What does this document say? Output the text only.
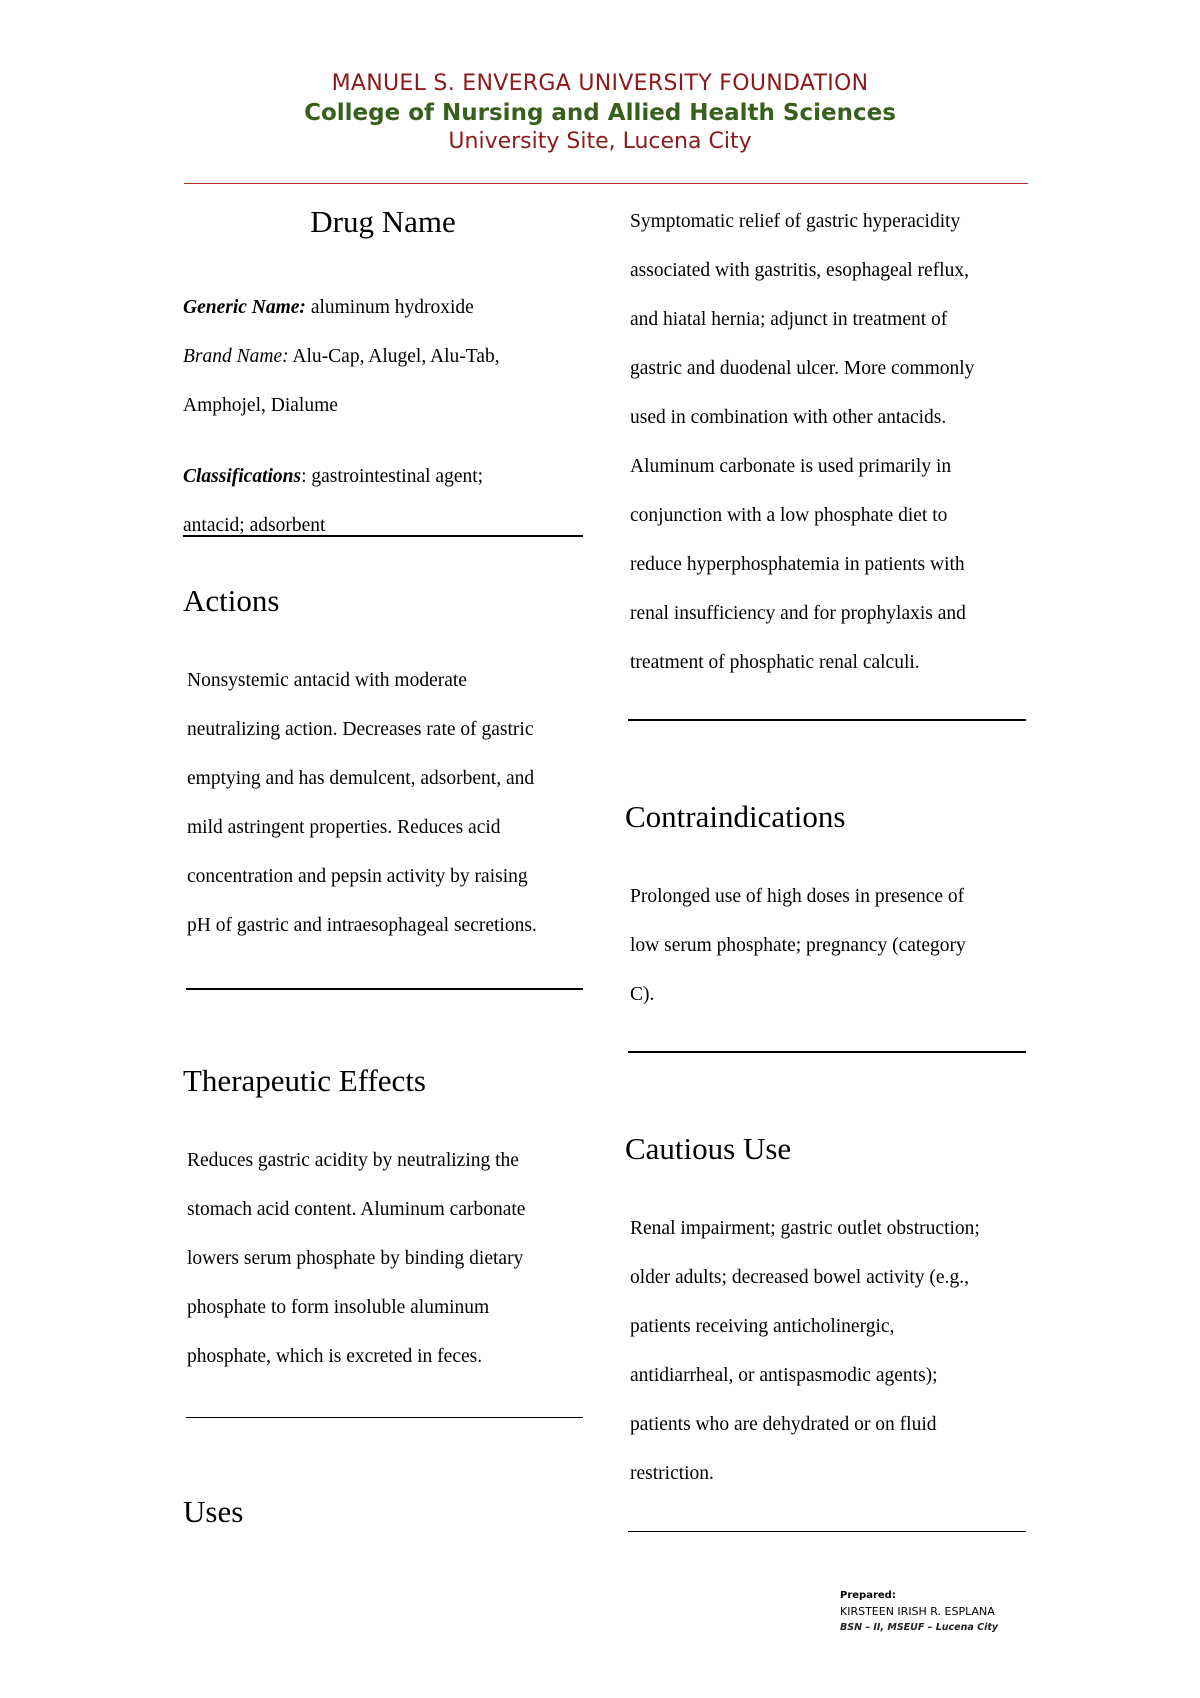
MANUEL S. ENVERGA UNIVERSITY FOUNDATION
College of Nursing and Allied Health Sciences
University Site, Lucena City
Drug Name
Generic Name: aluminum hydroxide
Brand Name: Alu-Cap, Alugel, Alu-Tab,
Amphojel, Dialume
Classifications: gastrointestinal agent;
antacid; adsorbent
Actions
Nonsystemic antacid with moderate
neutralizing action. Decreases rate of gastric
emptying and has demulcent, adsorbent, and
mild astringent properties. Reduces acid
concentration and pepsin activity by raising
pH of gastric and intraesophageal secretions.
Therapeutic Effects
Reduces gastric acidity by neutralizing the
stomach acid content. Aluminum carbonate
lowers serum phosphate by binding dietary
phosphate to form insoluble aluminum
phosphate, which is excreted in feces.
Uses
Symptomatic relief of gastric hyperacidity
associated with gastritis, esophageal reflux,
and hiatal hernia; adjunct in treatment of
gastric and duodenal ulcer. More commonly
used in combination with other antacids.
Aluminum carbonate is used primarily in
conjunction with a low phosphate diet to
reduce hyperphosphatemia in patients with
renal insufficiency and for prophylaxis and
treatment of phosphatic renal calculi.
Contraindications
Prolonged use of high doses in presence of
low serum phosphate; pregnancy (category
C).
Cautious Use
Renal impairment; gastric outlet obstruction;
older adults; decreased bowel activity (e.g.,
patients receiving anticholinergic,
antidiarrheal, or antispasmodic agents);
patients who are dehydrated or on fluid
restriction.
Prepared:
KIRSTEEN IRISH R. ESPLANA
BSN – II, MSEUF – Lucena City
